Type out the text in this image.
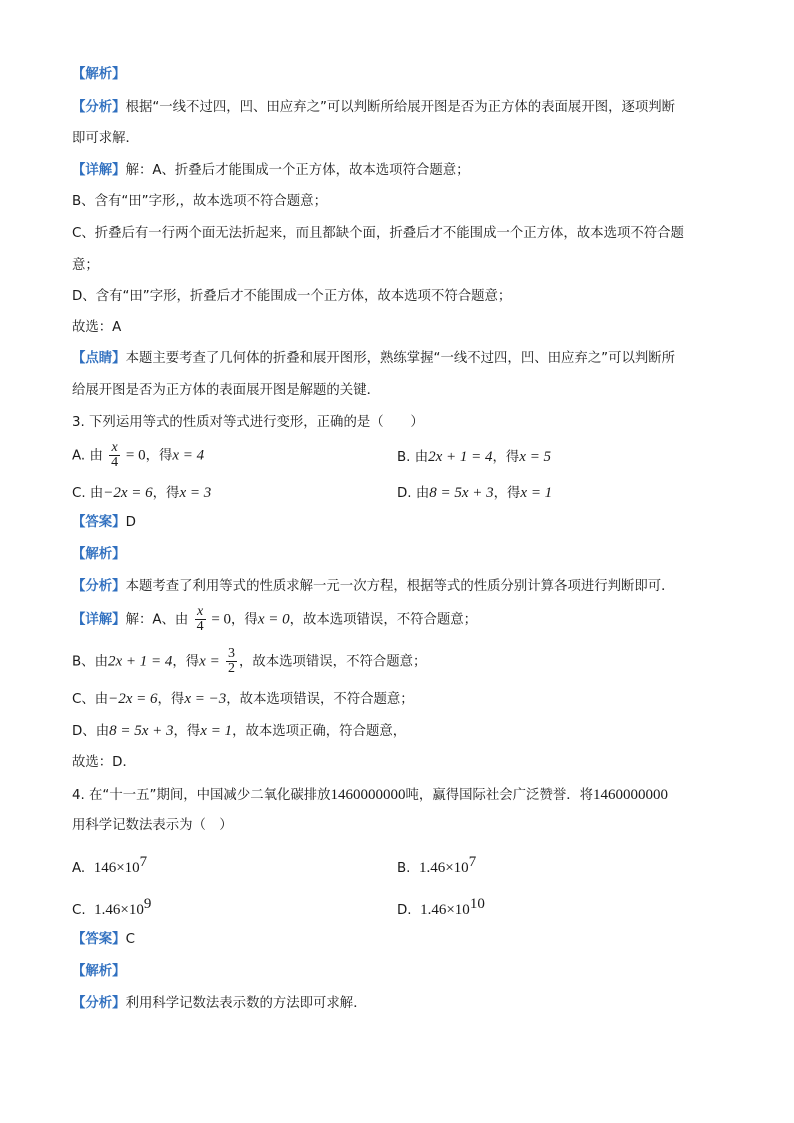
【解析】
【分析】根据“一线不过四，凹、田应弃之”可以判断所给展开图是否为正方体的表面展开图，逐项判断
即可求解．
【详解】解：A、折叠后才能围成一个正方体，故本选项符合题意；
B、含有“田”字形,，故本选项不符合题意；
C、折叠后有一行两个面无法折起来，而且都缺个面，折叠后才不能围成一个正方体，故本选项不符合题
意；
D、含有“田”字形，折叠后才不能围成一个正方体，故本选项不符合题意；
故选：A
【点睛】本题主要考查了几何体的折叠和展开图形，熟练掌握“一线不过四，凹、田应弃之”可以判断所
给展开图是否为正方体的表面展开图是解题的关键．
3. 下列运用等式的性质对等式进行变形，正确的是（　　）
A. 由 $\frac{x}{4} = 0$，得x = 4	B. 由2x + 1 = 4，得x = 5
C. 由−2x = 6，得x = 3	D. 由8 = 5x + 3，得x = 1
【答案】D
【解析】
【分析】本题考查了利用等式的性质求解一元一次方程，根据等式的性质分别计算各项进行判断即可．
【详解】解：A、由 $\frac{x}{4} = 0$，得x = 0，故本选项错误，不符合题意；
B、由2x + 1 = 4，得$x = \frac{3}{2}$ ，故本选项错误，不符合题意；
C、由−2x = 6，得x = −3，故本选项错误，不符合题意；
D、由8 = 5x + 3，得x = 1，故本选项正确，符合题意，
故选：D．
4. 在“十一五”期间，中国减少二氧化碳排放1460000000吨，赢得国际社会广泛赞誉．将1460000000
用科学记数法表示为（　）
A. $146\times 10^7$	B. $1.46\times 10^7$
C. $1.46\times 10^9$	D. $1.46\times 10^{10}$
【答案】C
【解析】
【分析】利用科学记数法表示数的方法即可求解．
